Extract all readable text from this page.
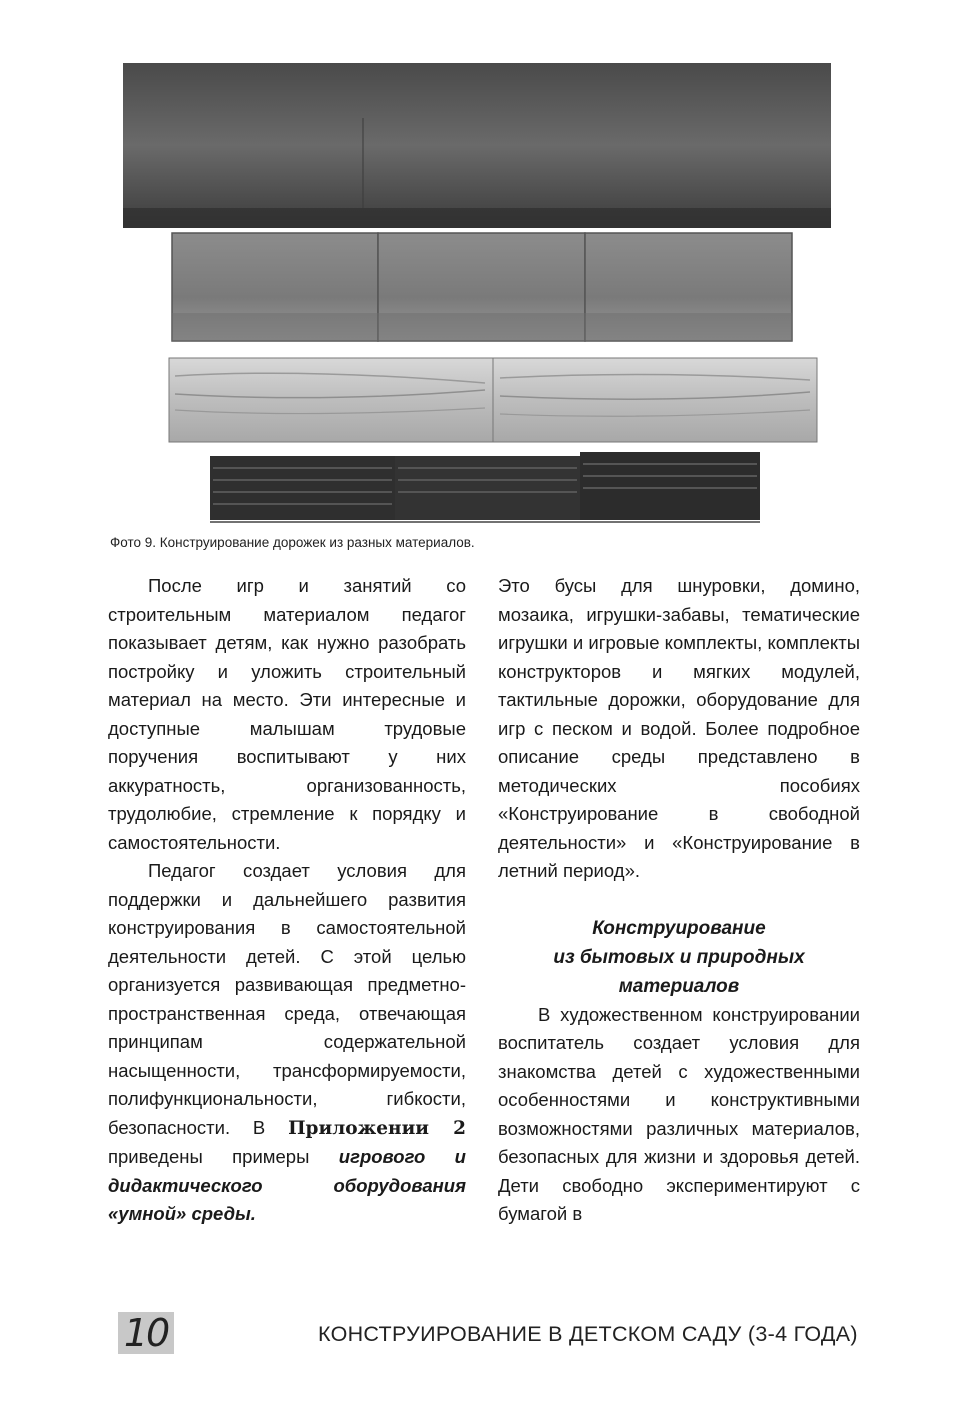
Фото 9. Конструирование дорожек из разных материалов.

После игр и занятий со строительным материалом педагог показывает детям, как нужно разобрать постройку и уложить строительный материал на место. Эти интересные и доступные малышам трудовые поручения воспитывают у них аккуратность, организованность, трудолюбие, стремление к порядку и самостоятельности.

Педагог создает условия для поддержки и дальнейшего развития конструирования в самостоятельной деятельности детей. С этой целью организуется развивающая предметно-пространственная среда, отвечающая принципам содержательной насыщенности, трансформируемости, полифункциональности, гибкости, безопасности. В Приложении 2 приведены примеры игрового и дидактического оборудования «умной» среды.

Это бусы для шнуровки, домино, мозаика, игрушки-забавы, тематические игрушки и игровые комплекты, комплекты конструкторов и мягких модулей, тактильные дорожки, оборудование для игр с песком и водой. Более подробное описание среды представлено в методических пособиях «Конструирование в свободной деятельности» и «Конструирование в летний период».

Конструирование
из бытовых и природных
материалов

В художественном конструировании воспитатель создает условия для знакомства детей с художественными особенностями и конструктивными возможностями различных материалов, безопасных для жизни и здоровья детей. Дети свободно экспериментируют с бумагой в

10	КОНСТРУИРОВАНИЕ В ДЕТСКОМ САДУ (3-4 ГОДА)
